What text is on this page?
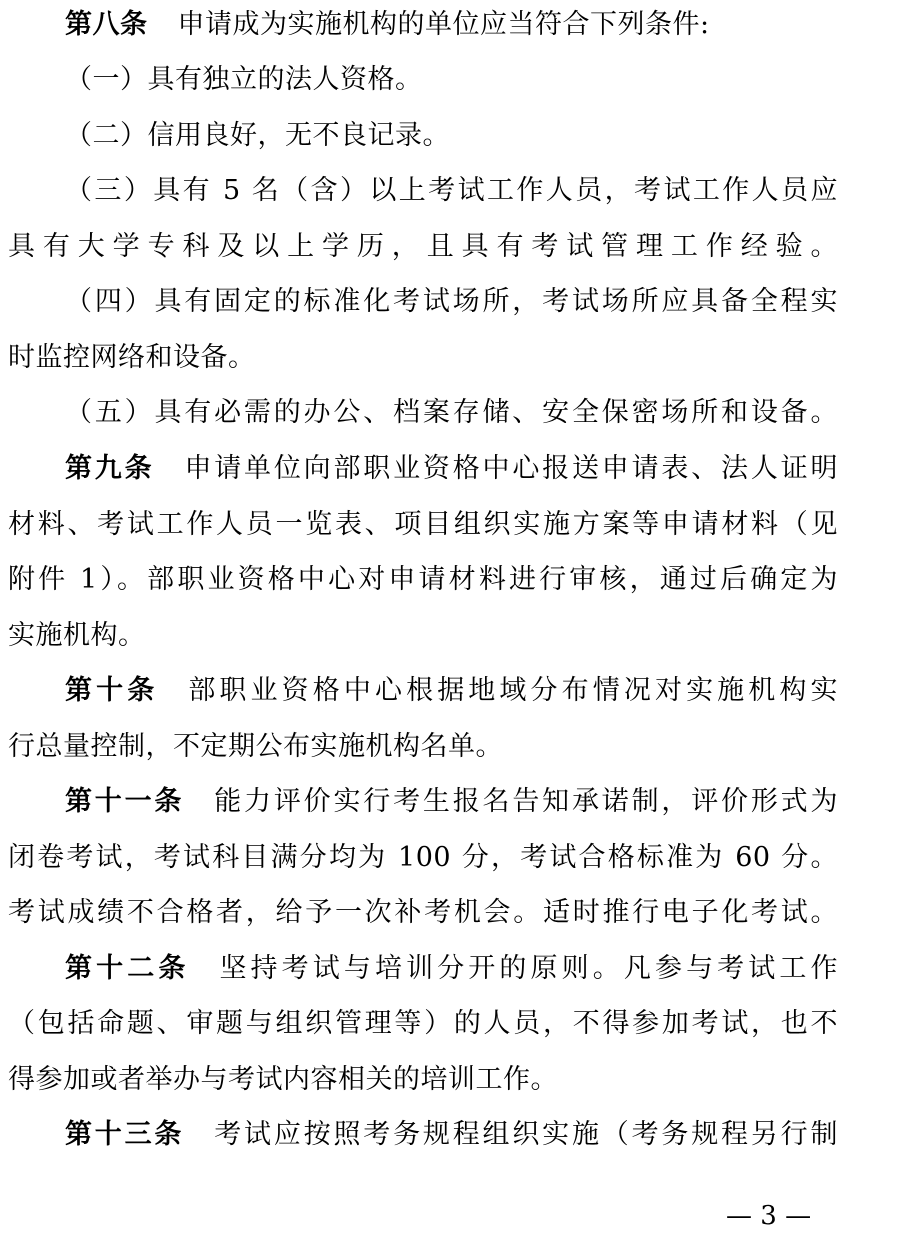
第八条 申请成为实施机构的单位应当符合下列条件:
（一）具有独立的法人资格。
（二）信用良好，无不良记录。
（三）具有 5 名（含）以上考试工作人员，考试工作人员应
具有大学专科及以上学历，且具有考试管理工作经验。
（四）具有固定的标准化考试场所，考试场所应具备全程实
时监控网络和设备。
（五）具有必需的办公、档案存储、安全保密场所和设备。
第九条 申请单位向部职业资格中心报送申请表、法人证明
材料、考试工作人员一览表、项目组织实施方案等申请材料（见
附件 1）。部职业资格中心对申请材料进行审核，通过后确定为
实施机构。
第十条 部职业资格中心根据地域分布情况对实施机构实
行总量控制，不定期公布实施机构名单。
第十一条 能力评价实行考生报名告知承诺制，评价形式为
闭卷考试，考试科目满分均为 100 分，考试合格标准为 60 分。
考试成绩不合格者，给予一次补考机会。适时推行电子化考试。
第十二条 坚持考试与培训分开的原则。凡参与考试工作
（包括命题、审题与组织管理等）的人员，不得参加考试，也不
得参加或者举办与考试内容相关的培训工作。
第十三条 考试应按照考务规程组织实施（考务规程另行制
— 3 —
